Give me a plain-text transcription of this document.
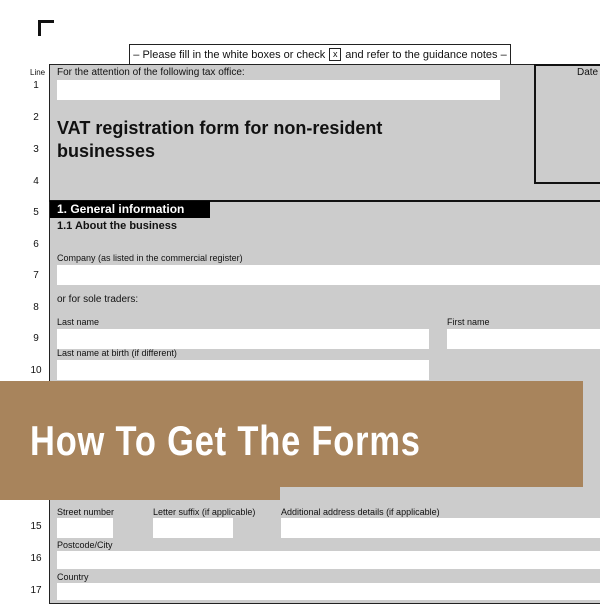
– Please fill in the white boxes or check x and refer to the guidance notes –
Date
Line
1
2
3
4
5
6
7
8
9
10
15
16
17
For the attention of the following tax office:
VAT registration form for non-resident
businesses
1. General information
1.1 About the business
Company (as listed in the commercial register)
or for sole traders:
Last name	First name
Last name at birth (if different)
How To Get The Forms
Street number	Letter suffix (if applicable)	Additional address details (if applicable)
Postcode/City
Country
